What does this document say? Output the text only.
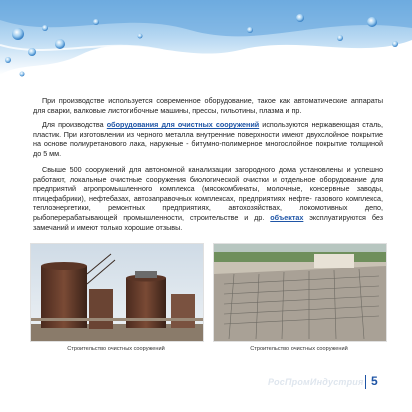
При производстве используется современное оборудование, такое как автоматические аппараты для сварки, валковые листогибочные машины, прессы, гильотины, плазма и пр.
Для производства оборудования для очистных сооружений используются нержавеющая сталь, пластик. При изготовлении из черного металла внутренние поверхности имеют двухслойное покрытие на основе полиуретанового лака, наружные - битумно-полимерное многослойное покрытие толщиной до 5 мм.
Свыше 500 сооружений для автономной канализации загородного дома установлены и успешно работают, локальные очистные сооружения биологической очистки и отдельное оборудование для предприятий агропромышленного комплекса (мясокомбинаты, молочные, консервные заводы, птицефабрики), нефтебазах, автозаправочных комплексах, предприятиях нефте- газового комплекса, теплоэнергетики, ремонтных предприятиях, автохозяйствах, локомотивных депо, рыбоперерабатывающей промышленности, строительстве и др. объектах эксплуатируются без замечаний и имеют только хорошие отзывы.
Строительство очистных сооружений	Строительство очистных сооружений
РосПромИндустрия 5
